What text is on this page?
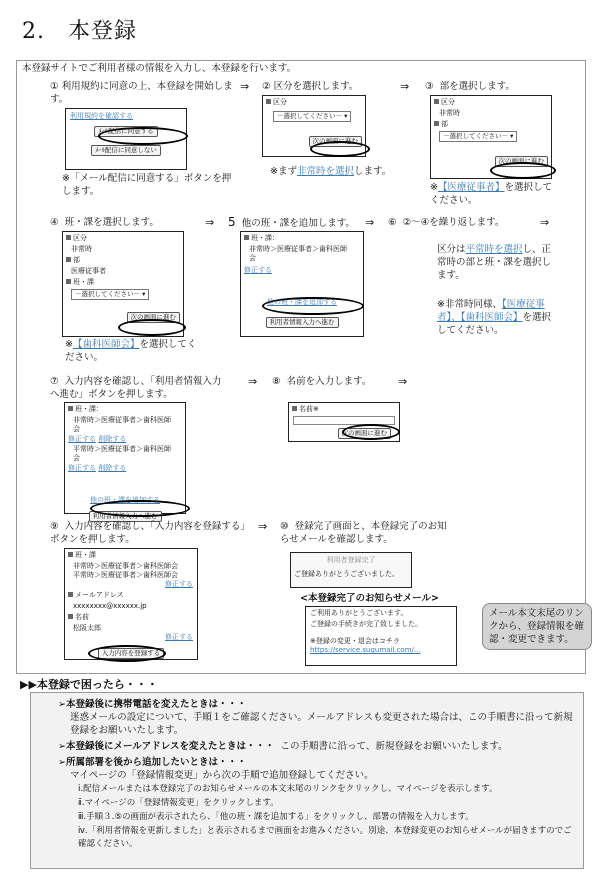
2.　本登録
本登録サイトでご利用者様の情報を入力し、本登録を行います。
① 利用規約に同意の上、本登録を開始します。
利用規約を確認する
ﾒｰﾙ配信に同意する
ﾒｰﾙ配信に同意しない
※「メール配信に同意する」ボタンを押します。
⇒ ② 区分を選択します。
区分
－選択してください－ ▾
次の画面に進む
※まず非常時を選択します。
⇒ ③ 部を選択します。
区分
非常時
部
－選択してください－ ▾
次の画面に進む
※【医療従事者】を選択してください。
④ 班・課を選択します。
区分
非常時
部
医療従事者
班・課
－選択してください－ ▾
次の画面に進む
※【歯科医師会】を選択してください。
⇒ 5 他の班・課を追加します。
班・課：
非常時＞医療従事者＞歯科医師会
修正する
他の班・課を追加する
利用者情報入力へ進む
⇒ ⑥ ②〜④を繰り返します。	⇒
区分は平常時を選択し、正常時の部と班・課を選択します。
※非常時同様、【医療従事者】、【歯科医師会】を選択してください。
⑦ 入力内容を確認し、「利用者情報入力へ進む」ボタンを押します。
班・課：
非常時＞医療従事者＞歯科医師会
修正する 削除する
平常時＞医療従事者＞歯科医師会
修正する 削除する
他の班・課を追加する
利用者情報入力へ進む
⇒ ⑧ 名前を入力します。 ⇒
名前※
次の画面に進む
⑨ 入力内容を確認し、「入力内容を登録する」ボタンを押します。
班・課
非常時＞医療従事者＞歯科医師会
平常時＞医療従事者＞歯科医師会
修正する
メールアドレス
xxxxxxxx@xxxxxx.jp
名前
松阪太郎
修正する
入力内容を登録する
⇒ ⑩ 登録完了画面と、本登録完了のお知らせメールを確認します。
利用者登録完了
ご登録ありがとうございました。
<本登録完了のお知らせメール>
ご利用ありがとうございます。
ご登録の手続きが完了致しました。
※登録の変更・退会はコチラ
https://service.sugumail.com/...
メール本文末尾のリンクから、登録情報を確認・変更できます。
▶▶本登録で困ったら・・・
➢本登録後に携帯電話を変えたときは・・・
迷惑メールの設定について、手順１をご確認ください。メールアドレスも変更された場合は、この手順書に沿って新規登録をお願いいたします。
➢本登録後にメールアドレスを変えたときは・・・ この手順書に沿って、新規登録をお願いいたします。
➢所属部署を後から追加したいときは・・・
マイページの「登録情報変更」から次の手順で追加登録してください。
ⅰ.配信メールまたは本登録完了のお知らせメールの本文末尾のリンクをクリックし、マイページを表示します。
ⅱ.マイページの「登録情報変更」をクリックします。
ⅲ.手順３.⑤の画面が表示されたら、「他の班・課を追加する」をクリックし、部署の情報を入力します。
ⅳ.「利用者情報を更新しました」と表示されるまで画面をお進みください。別途、本登録変更のお知らせメールが届きますのでご確認ください。
